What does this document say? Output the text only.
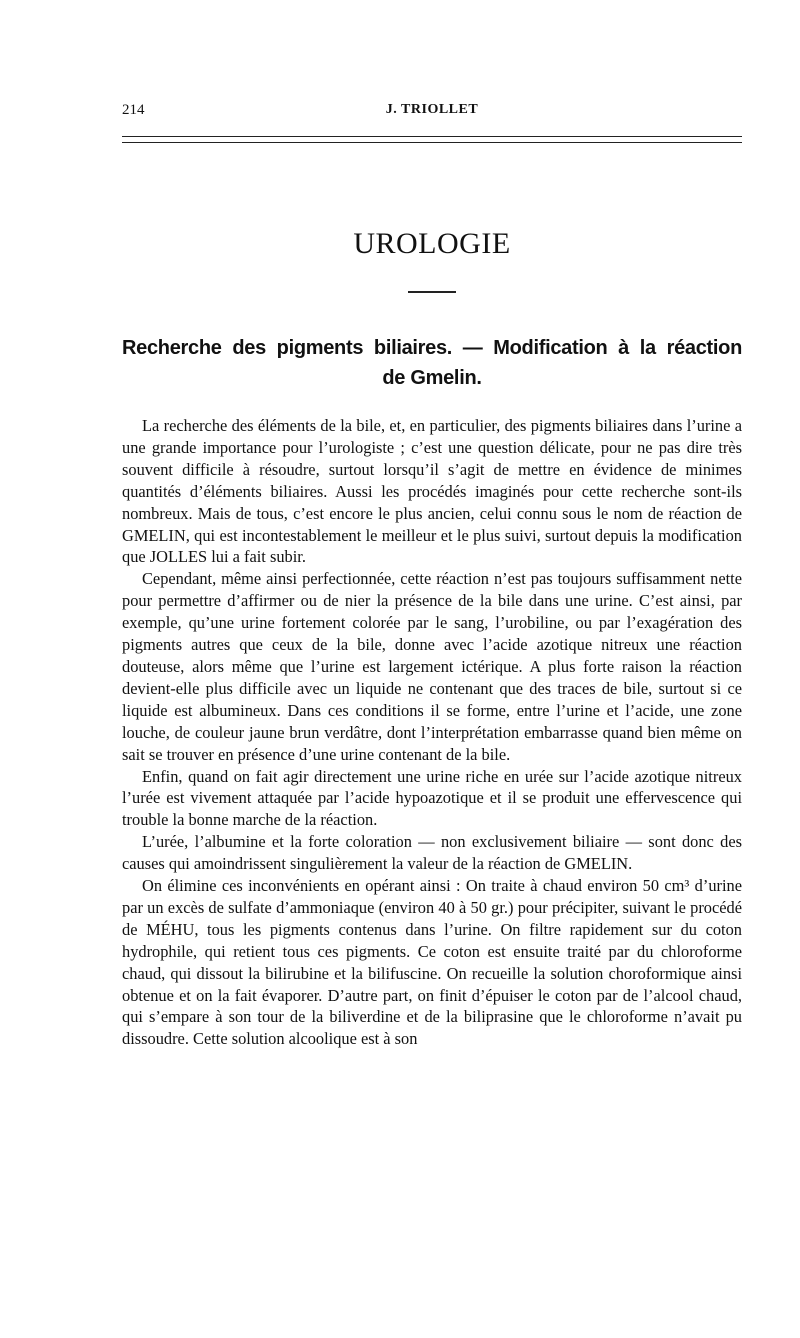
214	J. TRIOLLET
UROLOGIE
Recherche des pigments biliaires. — Modification à la réaction
de Gmelin.

La recherche des éléments de la bile, et, en particulier, des pigments biliaires dans l’urine a une grande importance pour l’urologiste ; c’est une question délicate, pour ne pas dire très souvent difficile à résoudre, surtout lorsqu’il s’agit de mettre en évidence de minimes quantités d’éléments biliaires. Aussi les procédés imaginés pour cette recherche sont-ils nombreux. Mais de tous, c’est encore le plus ancien, celui connu sous le nom de réaction de GMELIN, qui est incontestablement le meilleur et le plus suivi, surtout depuis la modification que JOLLES lui a fait subir.

Cependant, même ainsi perfectionnée, cette réaction n’est pas toujours suffisamment nette pour permettre d’affirmer ou de nier la présence de la bile dans une urine. C’est ainsi, par exemple, qu’une urine fortement colorée par le sang, l’urobiline, ou par l’exagération des pigments autres que ceux de la bile, donne avec l’acide azotique nitreux une réaction douteuse, alors même que l’urine est largement ictérique. A plus forte raison la réaction devient-elle plus difficile avec un liquide ne contenant que des traces de bile, surtout si ce liquide est albumineux. Dans ces conditions il se forme, entre l’urine et l’acide, une zone louche, de couleur jaune brun verdâtre, dont l’interprétation embarrasse quand bien même on sait se trouver en présence d’une urine contenant de la bile.

Enfin, quand on fait agir directement une urine riche en urée sur l’acide azotique nitreux l’urée est vivement attaquée par l’acide hypoazotique et il se produit une effervescence qui trouble la bonne marche de la réaction.

L’urée, l’albumine et la forte coloration — non exclusivement biliaire — sont donc des causes qui amoindrissent singulièrement la valeur de la réaction de GMELIN.

On élimine ces inconvénients en opérant ainsi : On traite à chaud environ 50 cm³ d’urine par un excès de sulfate d’ammoniaque (environ 40 à 50 gr.) pour précipiter, suivant le procédé de MÉHU, tous les pigments contenus dans l’urine. On filtre rapidement sur du coton hydrophile, qui retient tous ces pigments. Ce coton est ensuite traité par du chloroforme chaud, qui dissout la bilirubine et la bilifuscine. On recueille la solution choroformique ainsi obtenue et on la fait évaporer. D’autre part, on finit d’épuiser le coton par de l’alcool chaud, qui s’empare à son tour de la biliverdine et de la biliprasine que le chloroforme n’avait pu dissoudre. Cette solution alcoolique est à son
